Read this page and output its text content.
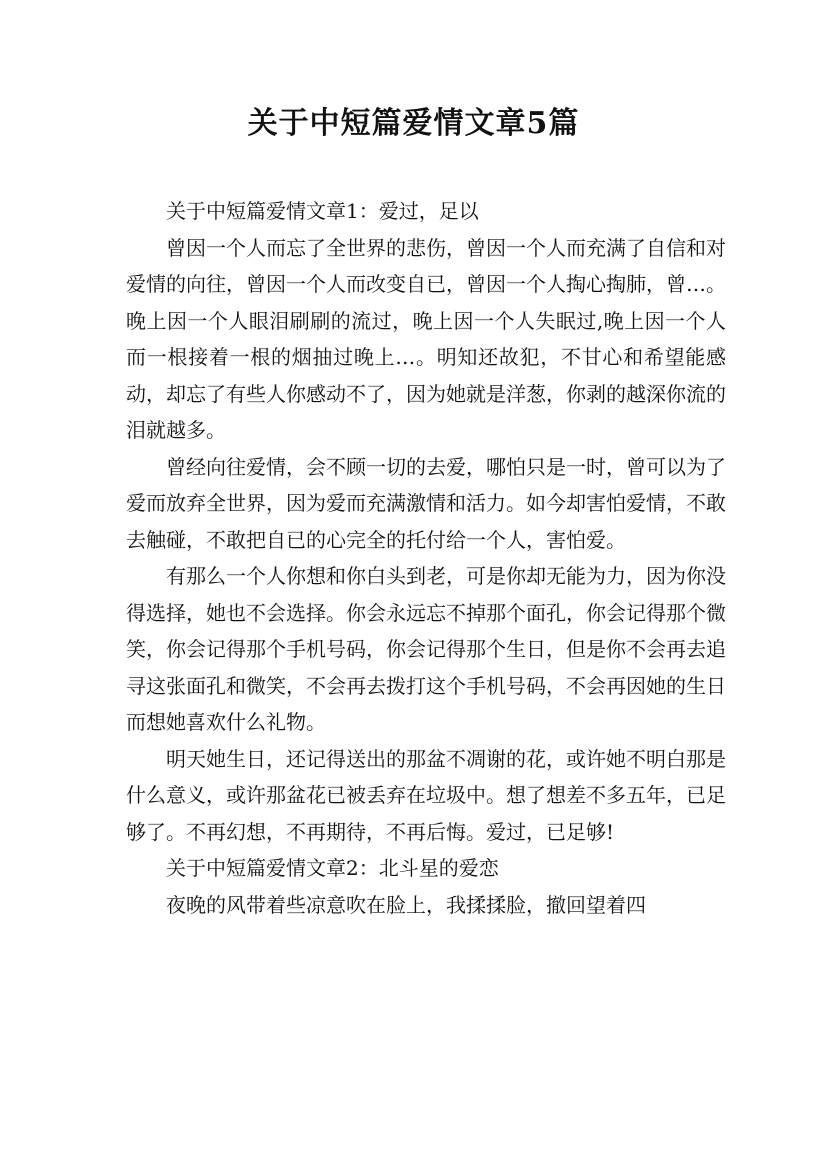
关于中短篇爱情文章5篇
关于中短篇爱情文章1：爱过，足以
曾因一个人而忘了全世界的悲伤，曾因一个人而充满了自信和对爱情的向往，曾因一个人而改变自已，曾因一个人掏心掏肺，曾…。晚上因一个人眼泪刷刷的流过，晚上因一个人失眠过,晚上因一个人而一根接着一根的烟抽过晚上…。明知还故犯，不甘心和希望能感动，却忘了有些人你感动不了，因为她就是洋葱，你剥的越深你流的泪就越多。
曾经向往爱情，会不顾一切的去爱，哪怕只是一时，曾可以为了爱而放弃全世界，因为爱而充满激情和活力。如今却害怕爱情，不敢去触碰，不敢把自已的心完全的托付给一个人，害怕爱。
有那么一个人你想和你白头到老，可是你却无能为力，因为你没得选择，她也不会选择。你会永远忘不掉那个面孔，你会记得那个微笑，你会记得那个手机号码，你会记得那个生日，但是你不会再去追寻这张面孔和微笑，不会再去拨打这个手机号码，不会再因她的生日而想她喜欢什么礼物。
明天她生日，还记得送出的那盆不凋谢的花，或许她不明白那是什么意义，或许那盆花已被丢弃在垃圾中。想了想差不多五年，已足够了。不再幻想，不再期待，不再后悔。爱过，已足够!
关于中短篇爱情文章2：北斗星的爱恋
夜晚的风带着些凉意吹在脸上，我揉揉脸，撤回望着四
